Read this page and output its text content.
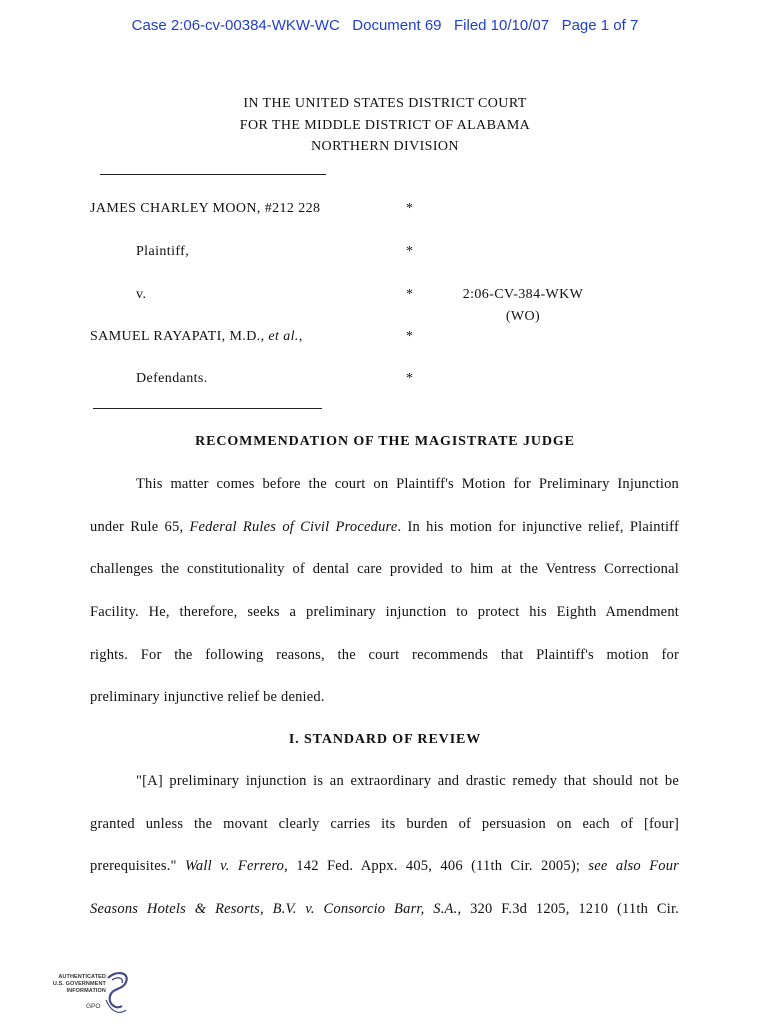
Case 2:06-cv-00384-WKW-WC   Document 69   Filed 10/10/07   Page 1 of 7
IN THE UNITED STATES DISTRICT COURT
FOR THE MIDDLE DISTRICT OF ALABAMA
NORTHERN DIVISION
JAMES CHARLEY MOON, #212 228	*
Plaintiff,	*
v.	*	2:06-CV-384-WKW
(WO)
SAMUEL RAYAPATI, M.D., et al.,	*
Defendants.	*
RECOMMENDATION OF THE MAGISTRATE JUDGE
This matter comes before the court on Plaintiff's Motion for Preliminary Injunction
under Rule 65, Federal Rules of Civil Procedure. In his motion for injunctive relief, Plaintiff
challenges the constitutionality of dental care provided to him at the Ventress Correctional
Facility. He, therefore, seeks a preliminary injunction to protect his Eighth Amendment
rights. For the following reasons, the court recommends that Plaintiff's motion for
preliminary injunctive relief be denied.
I. STANDARD OF REVIEW
"[A] preliminary injunction is an extraordinary and drastic remedy that should not be
granted unless the movant clearly carries its burden of persuasion on each of [four]
prerequisites." Wall v. Ferrero, 142 Fed. Appx. 405, 406 (11th Cir. 2005); see also Four
Seasons Hotels & Resorts, B.V. v. Consorcio Barr, S.A., 320 F.3d 1205, 1210 (11th Cir.
AUTHENTICATED
U.S. GOVERNMENT
INFORMATION
GPO
